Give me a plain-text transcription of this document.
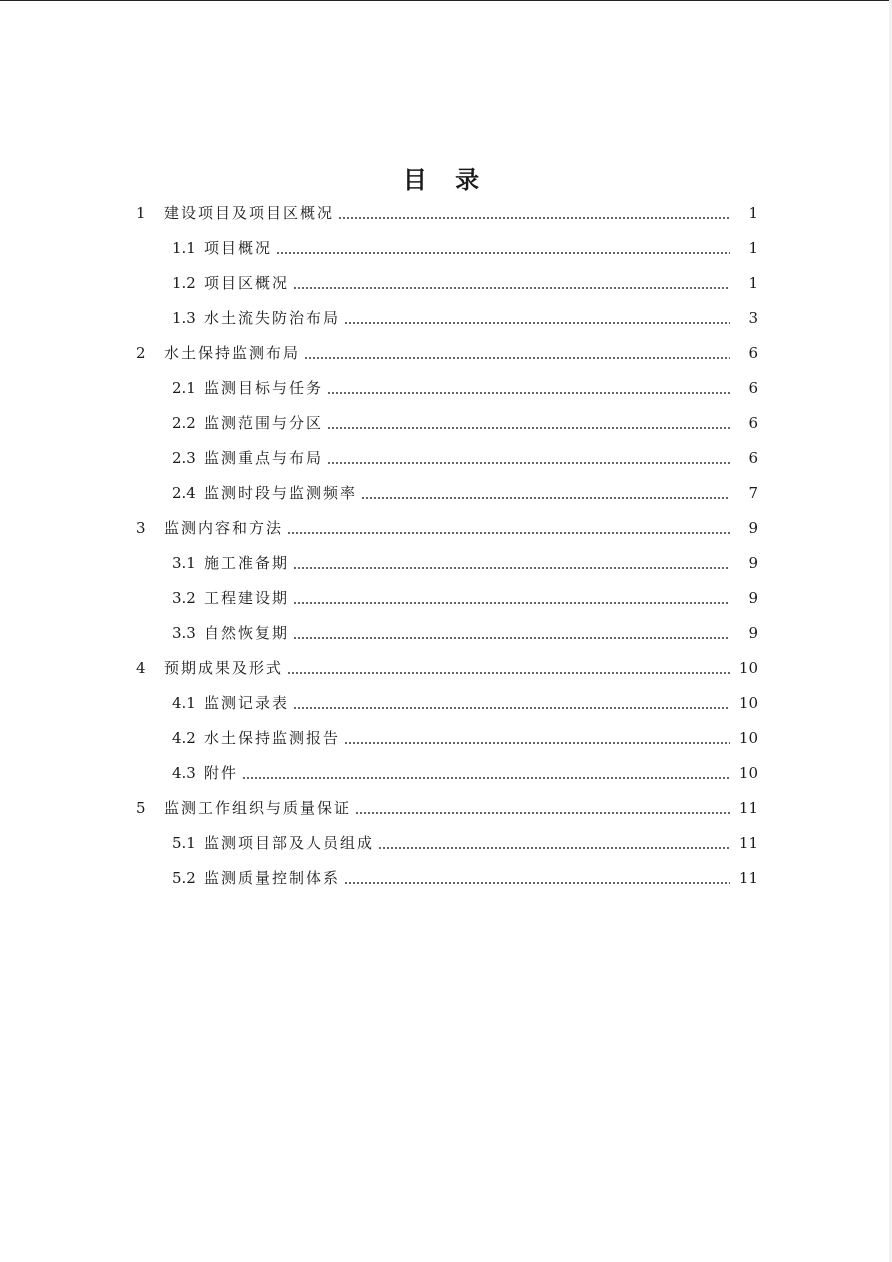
目 录
1	建设项目及项目区概况	1
1.1 项目概况	1
1.2 项目区概况	1
1.3 水土流失防治布局	3
2	水土保持监测布局	6
2.1 监测目标与任务	6
2.2 监测范围与分区	6
2.3 监测重点与布局	6
2.4 监测时段与监测频率	7
3	监测内容和方法	9
3.1 施工准备期	9
3.2 工程建设期	9
3.3 自然恢复期	9
4	预期成果及形式	10
4.1 监测记录表	10
4.2 水土保持监测报告	10
4.3 附件	10
5	监测工作组织与质量保证	11
5.1 监测项目部及人员组成	11
5.2 监测质量控制体系	11
